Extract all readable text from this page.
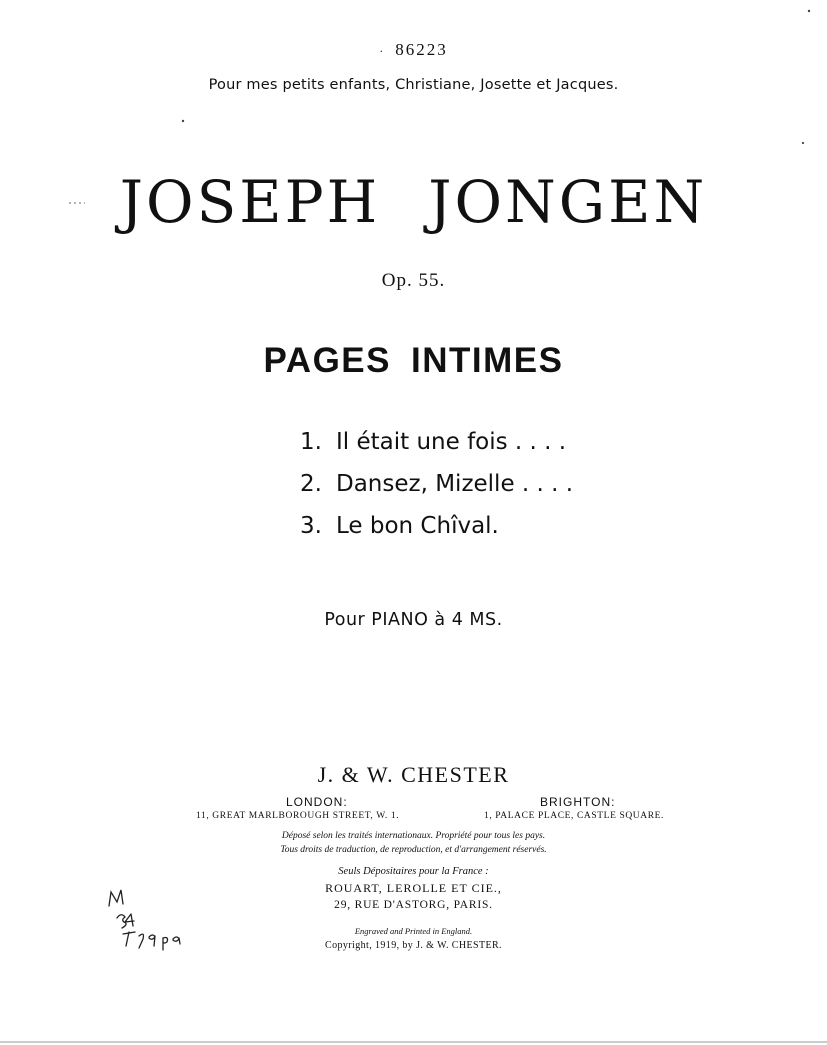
· 86223
Pour mes petits enfants, Christiane, Josette et Jacques.
JOSEPH JONGEN
Op. 55.
PAGES INTIMES
1. Il était une fois . . . .
2. Dansez, Mizelle . . . .
3. Le bon Chîval.
Pour PIANO à 4 MS.
J. & W. CHESTER
LONDON:	BRIGHTON:
11, GREAT MARLBOROUGH STREET, W. 1.	1, PALACE PLACE, CASTLE SQUARE.
Déposé selon les traités internationaux. Propriété pour tous les pays.
Tous droits de traduction, de reproduction, et d'arrangement réservés.
Seuls Dépositaires pour la France :
ROUART, LEROLLE ET CIE.,
29, RUE D'ASTORG, PARIS.
Engraved and Printed in England.
Copyright, 1919, by J. & W. CHESTER.
